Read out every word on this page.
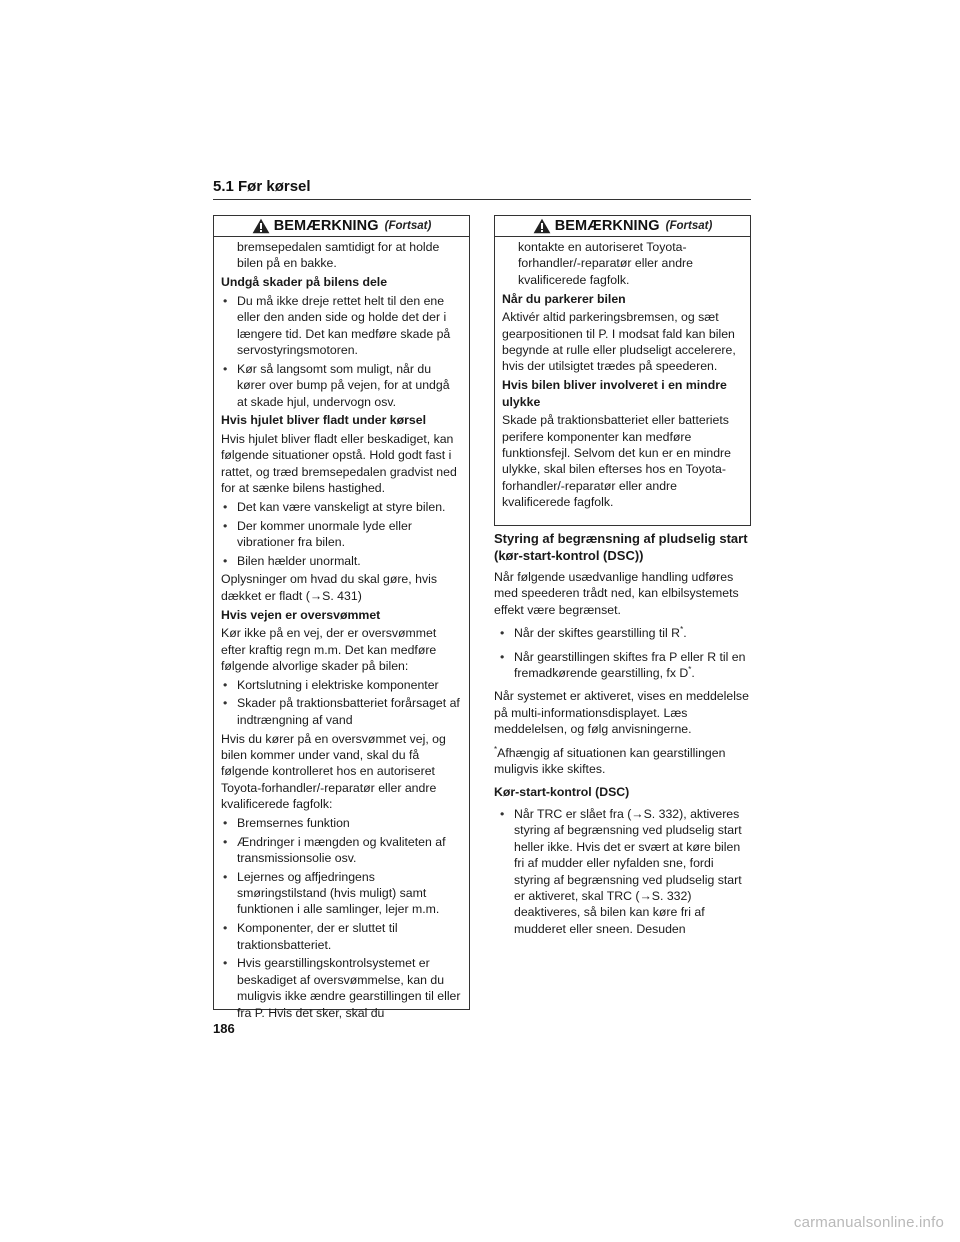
5.1 Før kørsel
BEMÆRKNING (Fortsat)

bremsepedalen samtidigt for at holde bilen på en bakke.

Undgå skader på bilens dele

• Du må ikke dreje rettet helt til den ene eller den anden side og holde det der i længere tid. Det kan medføre skade på servostyringsmotoren.

• Kør så langsomt som muligt, når du kører over bump på vejen, for at undgå at skade hjul, undervogn osv.

Hvis hjulet bliver fladt under kørsel

Hvis hjulet bliver fladt eller beskadiget, kan følgende situationer opstå. Hold godt fast i rattet, og træd bremsepedalen gradvist ned for at sænke bilens hastighed.

• Det kan være vanskeligt at styre bilen.

• Der kommer unormale lyde eller vibrationer fra bilen.

• Bilen hælder unormalt.

Oplysninger om hvad du skal gøre, hvis dækket er fladt (→S. 431)

Hvis vejen er oversvømmet

Kør ikke på en vej, der er oversvømmet efter kraftig regn m.m. Det kan medføre følgende alvorlige skader på bilen:

• Kortslutning i elektriske komponenter

• Skader på traktionsbatteriet forårsaget af indtrængning af vand

Hvis du kører på en oversvømmet vej, og bilen kommer under vand, skal du få følgende kontrolleret hos en autoriseret Toyota-forhandler/-reparatør eller andre kvalificerede fagfolk:

• Bremsernes funktion

• Ændringer i mængden og kvaliteten af transmissionsolie osv.

• Lejernes og affjedringens smøringstilstand (hvis muligt) samt funktionen i alle samlinger, lejer m.m.

• Komponenter, der er sluttet til traktionsbatteriet.

• Hvis gearstillingskontrolsystemet er beskadiget af oversvømmelse, kan du muligvis ikke ændre gearstillingen til eller fra P. Hvis det sker, skal du

BEMÆRKNING (Fortsat)

kontakte en autoriseret Toyota-forhandler/-reparatør eller andre kvalificerede fagfolk.

Når du parkerer bilen

Aktivér altid parkeringsbremsen, og sæt gearpositionen til P. I modsat fald kan bilen begynde at rulle eller pludseligt accelerere, hvis der utilsigtet trædes på speederen.

Hvis bilen bliver involveret i en mindre ulykke

Skade på traktionsbatteriet eller batteriets perifere komponenter kan medføre funktionsfejl. Selvom det kun er en mindre ulykke, skal bilen efterses hos en Toyota- forhandler/-reparatør eller andre kvalificerede fagfolk.

Styring af begrænsning af pludselig start (kør-start-kontrol (DSC))

Når følgende usædvanlige handling udføres med speederen trådt ned, kan elbilsystemets effekt være begrænset.

• Når der skiftes gearstilling til R*.

• Når gearstillingen skiftes fra P eller R til en fremadkørende gearstilling, fx D*.

Når systemet er aktiveret, vises en meddelelse på multi-informationsdisplayet. Læs meddelelsen, og følg anvisningerne.

*Afhængig af situationen kan gearstillingen muligvis ikke skiftes.

Kør-start-kontrol (DSC)

• Når TRC er slået fra (→S. 332), aktiveres styring af begrænsning ved pludselig start heller ikke. Hvis det er svært at køre bilen fri af mudder eller nyfalden sne, fordi styring af begrænsning ved pludselig start er aktiveret, skal TRC (→S. 332) deaktiveres, så bilen kan køre fri af mudderet eller sneen. Desuden

186
carmanualsonline.info
